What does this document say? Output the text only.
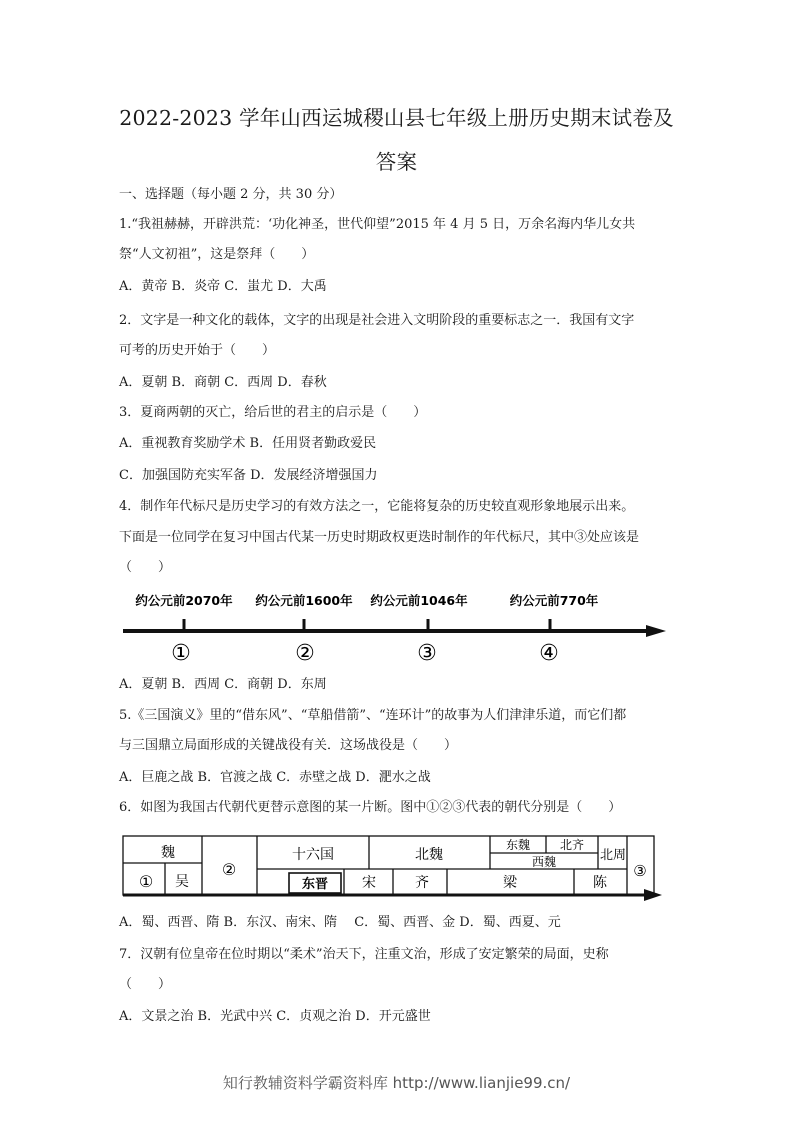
2022-2023 学年山西运城稷山县七年级上册历史期末试卷及
答案
一、选择题（每小题 2 分，共 30 分）
1.“我祖赫赫，开辟洪荒：‘功化神圣，世代仰望”2015 年 4 月 5 日，万余名海内华儿女共
祭“人文初祖”，这是祭拜（　　）
A．黄帝 B．炎帝 C．蚩尤 D．大禹
2．文字是一种文化的载体，文字的出现是社会进入文明阶段的重要标志之一．我国有文字
可考的历史开始于（　　）
A．夏朝 B．商朝 C．西周 D．春秋
3．夏商两朝的灭亡，给后世的君主的启示是（　　）
A．重视教育奖励学术 B．任用贤者勤政爱民
C．加强国防充实军备 D．发展经济增强国力
4．制作年代标尺是历史学习的有效方法之一，它能将复杂的历史较直观形象地展示出来。
下面是一位同学在复习中国古代某一历史时期政权更迭时制作的年代标尺，其中③处应该是
（　　）
约公元前2070年 约公元前1600年 约公元前1046年	约公元前770年
①	②	③	④
A．夏朝 B．西周 C．商朝 D．东周
5.《三国演义》里的“借东风”、“草船借箭”、“连环计”的故事为人们津津乐道，而它们都
与三国鼎立局面形成的关键战役有关．这场战役是（　　）
A．巨鹿之战 B．官渡之战 C．赤壁之战 D．淝水之战
6．如图为我国古代朝代更替示意图的某一片断。图中①②③代表的朝代分别是（　　）
魏
① 吴
②
十六国	北魏
东魏 北齐
西魏	北周
③
东晋 宋	齐	梁	陈
A．蜀、西晋、隋 B．东汉、南宋、隋　 C．蜀、西晋、金 D．蜀、西夏、元
7．汉朝有位皇帝在位时期以“柔术”治天下，注重文治，形成了安定繁荣的局面，史称
（　　）
A．文景之治 B．光武中兴 C．贞观之治 D．开元盛世
知行教辅资料学霸资料库 http://www.lianjie99.cn/
